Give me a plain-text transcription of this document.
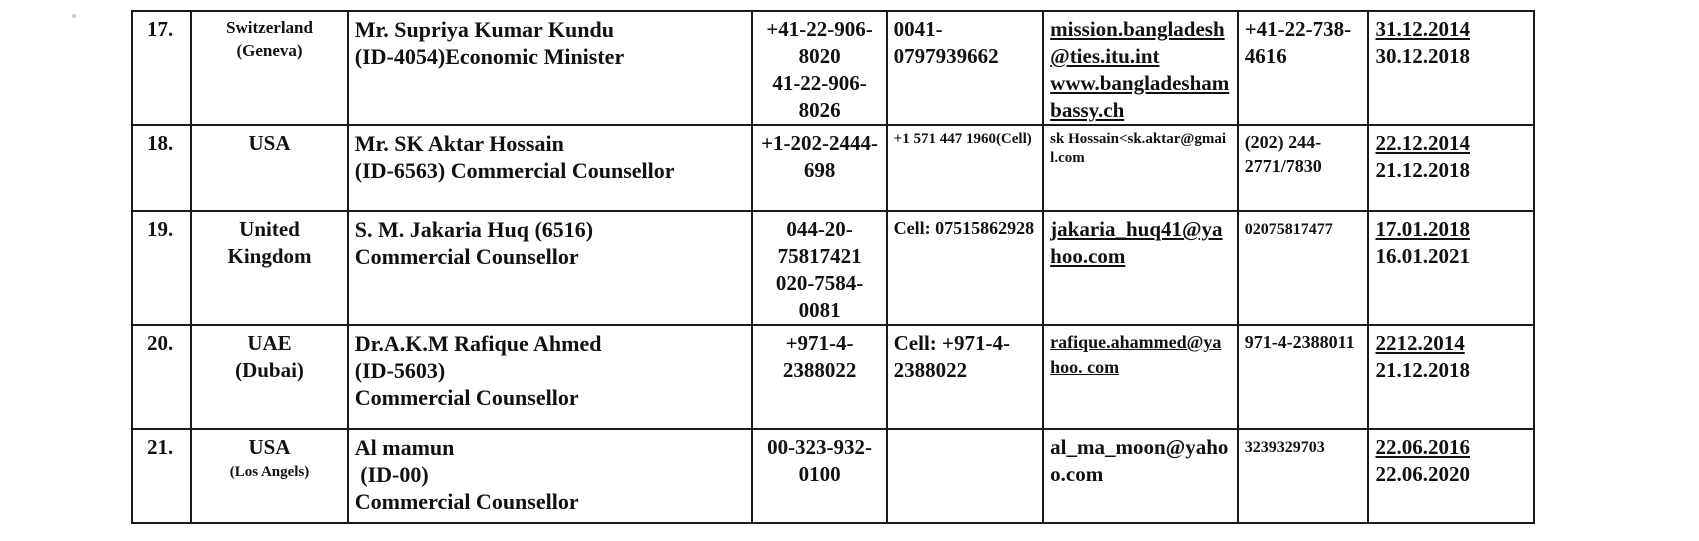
17.	Switzerland
(Geneva)	Mr. Supriya Kumar Kundu
(ID-4054)Economic Minister	+41-22-906-8020
41-22-906-8026	0041-0797939662	mission.bangladesh@ties.itu.int
www.bangladeshambassy.ch	+41-22-738-4616	31.12.2014
30.12.2018

18.	USA	Mr. SK Aktar Hossain
(ID-6563) Commercial Counsellor	+1-202-2444-698	+1 571 447 1960(Cell)	sk Hossain<sk.aktar@gmail.com	(202) 244-2771/7830	22.12.2014
21.12.2018

19.	United Kingdom	S. M. Jakaria Huq (6516)
Commercial Counsellor	044-20-75817421
020-7584-0081	Cell: 07515862928	jakaria_huq41@yahoo.com	02075817477	17.01.2018
16.01.2021

20.	UAE
(Dubai)	Dr.A.K.M Rafique Ahmed
(ID-5603)
Commercial Counsellor	+971-4-2388022	Cell: +971-4-2388022	rafique.ahammed@yahoo. com	971-4-2388011	2212.2014
21.12.2018

21.	USA
(Los Angels)	Al mamun
(ID-00)
Commercial Counsellor	00-323-932-0100		al_ma_moon@yahoo.com	3239329703	22.06.2016
22.06.2020
